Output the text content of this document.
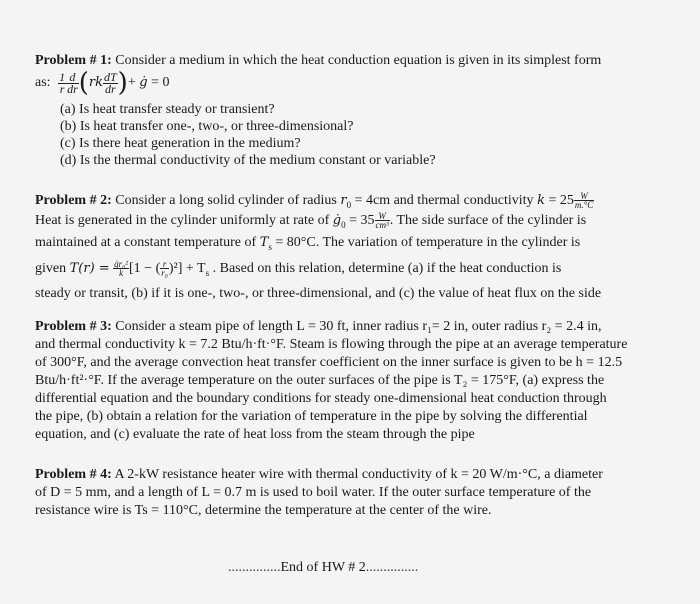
Problem # 1: Consider a medium in which the heat conduction equation is given in its simplest form
as: $\frac{1}{r} \frac{d}{dr} (rk \frac{dT}{dr}$ )+ ġ = 0
(a) Is heat transfer steady or transient?
(b) Is heat transfer one-, two-, or three-dimensional?
(c) Is there heat generation in the medium?
(d) Is the thermal conductivity of the medium constant or variable?
Problem # 2: Consider a long solid cylinder of radius $r_0 = 4cm$ and thermal conductivity $k = 25 \frac{W}{m.^\circ C}$
Heat is generated in the cylinder uniformly at rate of $ġ_0 = 35 \frac{W}{\text{cm³}}$ . The side surface of the cylinder is
maintained at a constant temperature of $T_s = 80^\circ C$. The variation of temperature in the cylinder is
given $T(r) = \frac{\text{ġr₀²}}{k} [1$ − ( $\frac{r}{\text{r₀}} )^2] + T_s$ . Based on this relation, determine (a) if the heat conduction is
steady or transit, (b) if it is one-, two-, or three-dimensional, and (c) the value of heat flux on the side
Problem # 3: Consider a steam pipe of length L = 30 ft, inner radius r₁= 2 in, outer radius r₂ = 2.4 in,
and thermal conductivity k = 7.2 Btu/h·ft·°F. Steam is flowing through the pipe at an average temperature
of 300°F, and the average convection heat transfer coefficient on the inner surface is given to be h = 12.5
Btu/h·ft²·°F. If the average temperature on the outer surfaces of the pipe is T₂ = 175°F, (a) express the
differential equation and the boundary conditions for steady one-dimensional heat conduction through
the pipe, (b) obtain a relation for the variation of temperature in the pipe by solving the differential
equation, and (c) evaluate the rate of heat loss from the steam through the pipe
Problem # 4: A 2-kW resistance heater wire with thermal conductivity of k = 20 W/m·°C, a diameter
of D = 5 mm, and a length of L = 0.7 m is used to boil water. If the outer surface temperature of the
resistance wire is Ts = 110°C, determine the temperature at the center of the wire.
...............End of HW # 2...............
